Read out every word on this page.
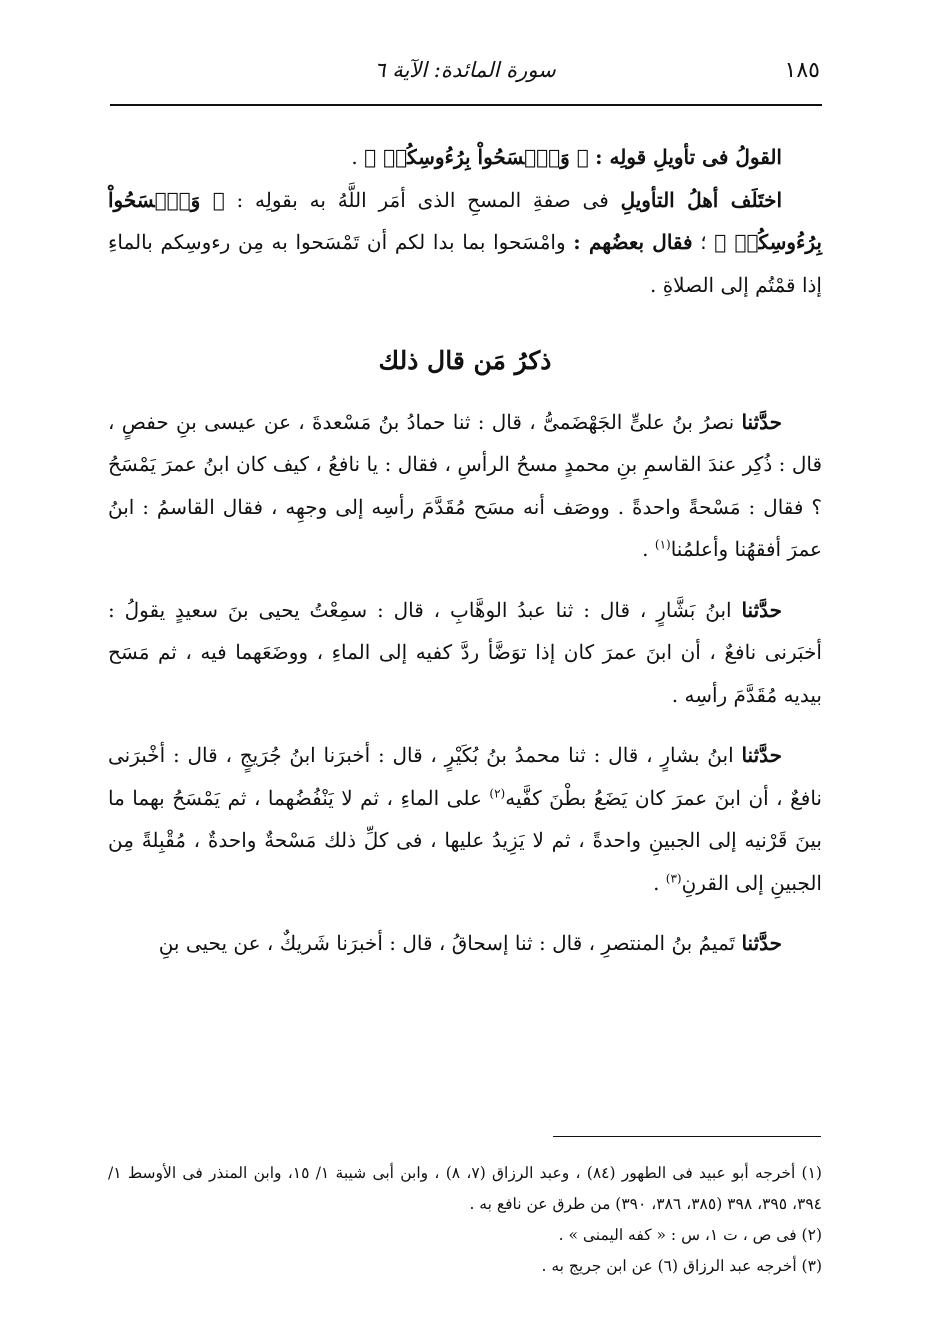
١٨٥
سورة المائدة: الآية ٦

القولُ فى تأويلِ قولِه : ﴿ وَٱمۡسَحُواْ بِرُءُوسِكُمۡ ﴾ .

اختَلَف أهلُ التأويلِ فى صفةِ المسحِ الذى أمَر اللَّهُ به بقولِه : ﴿ وَٱمۡسَحُواْ بِرُءُوسِكُمۡ ﴾ ؛ فقال بعضُهم : وامْسَحوا بما بدا لكم أن تَمْسَحوا به مِن رءوسِكم بالماءِ إذا قمْتُم إلى الصلاةِ .

ذكرُ مَن قال ذلك

حدَّثنا نصرُ بنُ علىٍّ الجَهْضَمىُّ ، قال : ثنا حمادُ بنُ مَسْعدةَ ، عن عيسى بنِ حفصٍ ، قال : ذُكِر عندَ القاسمِ بنِ محمدٍ مسحُ الرأسِ ، فقال : يا نافعُ ، كيف كان ابنُ عمرَ يَمْسَحُ ؟ فقال : مَسْحةً واحدةً . ووصَف أنه مسَح مُقَدَّمَ رأسِه إلى وجهِه ، فقال القاسمُ : ابنُ عمرَ أفقهُنا وأعلمُنا$^{(١)}$ .

حدَّثنا ابنُ بَشَّارٍ ، قال : ثنا عبدُ الوهَّابِ ، قال : سمِعْتُ يحيى بنَ سعيدٍ يقولُ : أخبَرنى نافعٌ ، أن ابنَ عمرَ كان إذا توَضَّأ ردَّ كفيه إلى الماءِ ، ووضَعَهما فيه ، ثم مَسَح بيديه مُقَدَّمَ رأسِه .

حدَّثنا ابنُ بشارٍ ، قال : ثنا محمدُ بنُ بُكَيْرٍ ، قال : أخبرَنا ابنُ جُرَيجٍ ، قال : أخْبرَنى نافعٌ ، أن ابنَ عمرَ كان يَضَعُ بطْنَ كفَّيه$^{(٢)}$ على الماءِ ، ثم لا يَنْفُضُهما ، ثم يَمْسَحُ بهما ما بينَ قَرْنيه إلى الجبينِ واحدةً ، ثم لا يَزِيدُ عليها ، فى كلِّ ذلك مَسْحةٌ واحدةٌ ، مُقْبِلةً مِن الجبينِ إلى القرنِ$^{(٣)}$ .

حدَّثنا تَميمُ بنُ المنتصرِ ، قال : ثنا إسحاقُ ، قال : أخبرَنا شَريكٌ ، عن يحيى بنِ

(١) أخرجه أبو عبيد فى الطهور (٨٤) ، وعبد الرزاق (٧، ٨) ، وابن أبى شيبة ١/ ١٥، وابن المنذر فى الأوسط ١/ ٣٩٤، ٣٩٥، ٣٩٨ (٣٨٥، ٣٨٦، ٣٩٠) من طرق عن نافع به .

(٢) فى ص ، ت ١، س : « كفه اليمنى » .

(٣) أخرجه عبد الرزاق (٦) عن ابن جريج به .
